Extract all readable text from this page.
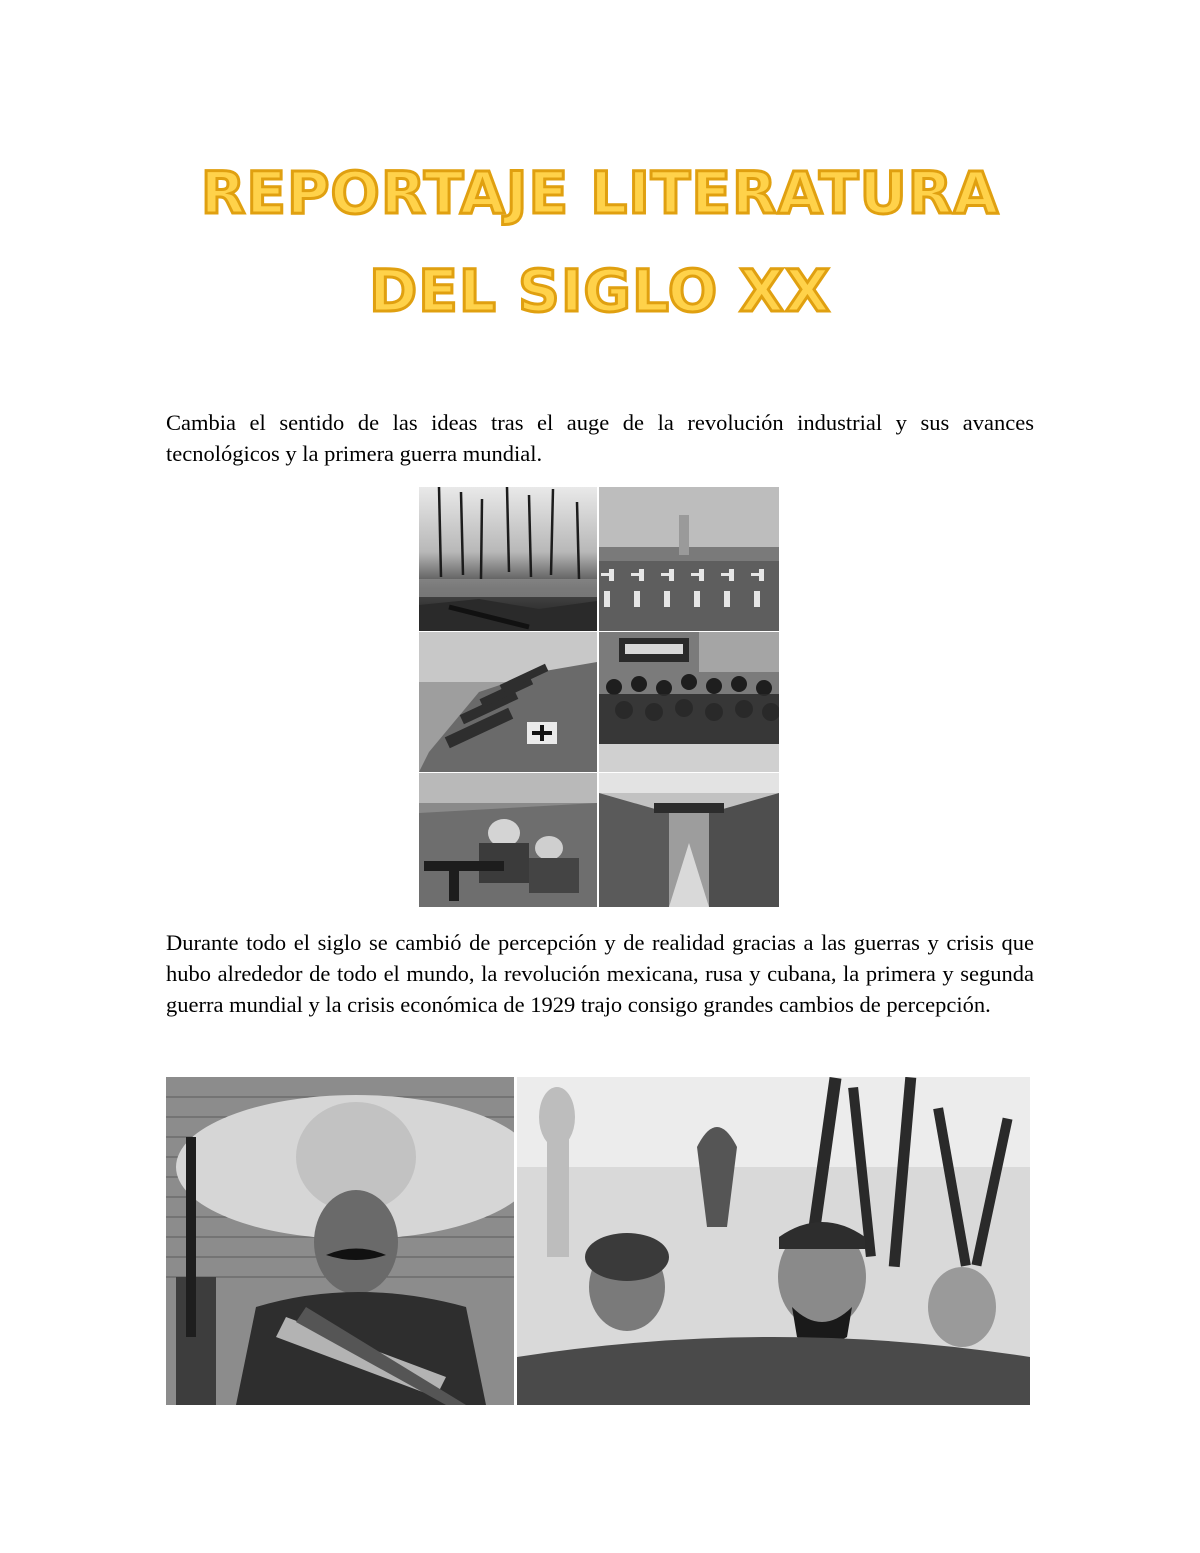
REPORTAJE LITERATURA
DEL SIGLO XX

Cambia el sentido de las ideas tras el auge de la revolución industrial y sus avances tecnológicos y la primera guerra mundial.

Durante todo el siglo se cambió de percepción y de realidad gracias a las guerras y crisis que hubo alrededor de todo el mundo, la revolución mexicana, rusa y cubana, la primera y segunda guerra mundial y la crisis económica de 1929 trajo consigo grandes cambios de percepción.
